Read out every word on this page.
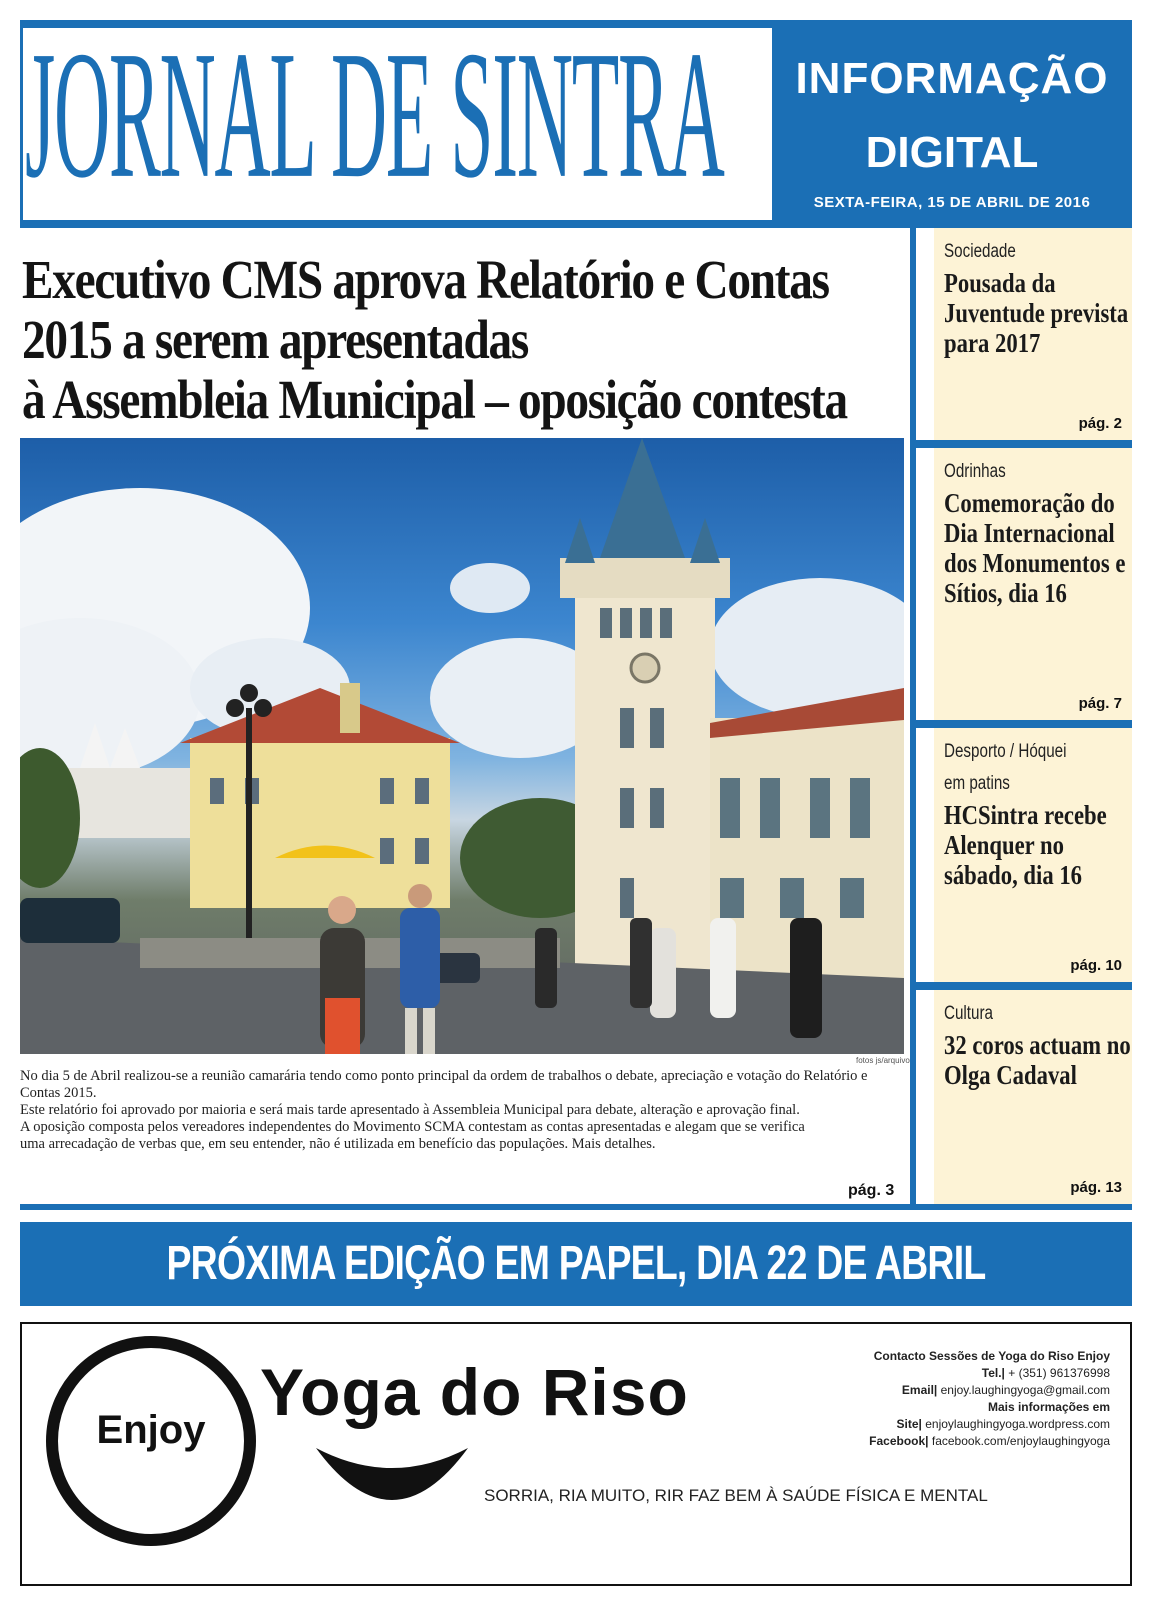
JORNAL DE SINTRA	INFORMAÇÃO
DIGITAL
SEXTA-FEIRA, 15 DE ABRIL DE 2016
Executivo CMS aprova Relatório e Contas
2015 a serem apresentadas
à Assembleia Municipal – oposição contesta
fotos js/arquivo

No dia 5 de Abril realizou-se a reunião camarária tendo como ponto principal da ordem de trabalhos o debate, apreciação e votação do Relatório e Contas 2015.

Este relatório foi aprovado por maioria e será mais tarde apresentado à Assembleia Municipal para debate, alteração e aprovação final.

A oposição composta pelos vereadores independentes do Movimento SCMA contestam as contas apresentadas e alegam que se verifica uma arrecadação de verbas que, em seu entender, não é utilizada em benefício das populações. Mais detalhes.

pág. 3
Sociedade
Pousada da Juventude prevista para 2017
pág. 2
Odrinhas
Comemoração do Dia Internacional dos Monumentos e Sítios, dia 16
pág. 7
Desporto / Hóquei em patins
HCSintra recebe Alenquer no sábado, dia 16
pág. 10
Cultura
32 coros actuam no Olga Cadaval
pág. 13
PRÓXIMA EDIÇÃO EM PAPEL, DIA 22 DE ABRIL
Enjoy
Yoga do Riso
SORRIA, RIA MUITO, RIR FAZ BEM À SAÚDE FÍSICA E MENTAL
Contacto Sessões de Yoga do Riso Enjoy
Tel.| + (351) 961376998
Email| enjoy.laughingyoga@gmail.com
Mais informações em
Site| enjoylaughingyoga.wordpress.com
Facebook| facebook.com/enjoylaughingyoga
